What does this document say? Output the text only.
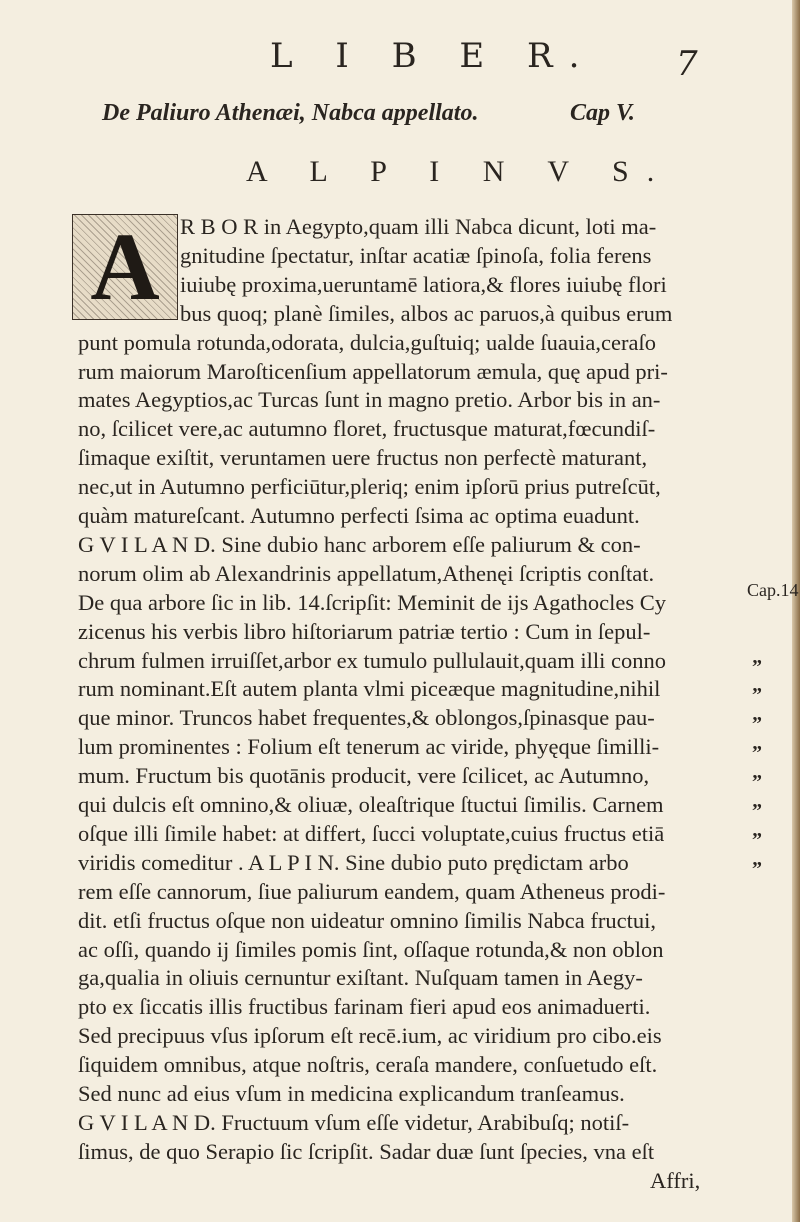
L I B E R. 7
De Paliuro Athenæi, Nabca appellato.	Cap V.
A L P I N V S.
A R B O R in Aegypto,quam illi Nabca dicunt, loti ma-
gnitudine ſpectatur, inſtar acatiæ ſpinoſa, folia ferens
iuiubę proxima,ueruntamē latiora,& flores iuiubę flori
bus quoq; planè ſimiles, albos ac paruos,à quibus erum
punt pomula rotunda,odorata, dulcia,guſtuiq; ualde ſuauia,ceraſo
rum maiorum Maroſticenſium appellatorum æmula, quę apud pri-
mates Aegyptios,ac Turcas ſunt in magno pretio. Arbor bis in an-
no, ſcilicet vere,ac autumno floret, fructusque maturat,fœcundiſ-
ſimaque exiſtit, veruntamen uere fructus non perfectè maturant,
nec,ut in Autumno perficiūtur,pleriq; enim ipſorū prius putreſcūt,
quàm matureſcant. Autumno perfecti ſsima ac optima euadunt.
G V I L A N D. Sine dubio hanc arborem eſſe paliurum & con-
norum olim ab Alexandrinis appellatum,Athenęi ſcriptis conſtat.
De qua arbore ſic in lib. 14.ſcripſit: Meminit de ijs Agathocles Cy
zicenus his verbis libro hiſtoriarum patriæ tertio : Cum in ſepul-
chrum fulmen irruiſſet,arbor ex tumulo pullulauit,quam illi conno
rum nominant.Eſt autem planta vlmi piceæque magnitudine,nihil
que minor. Truncos habet frequentes,& oblongos,ſpinasque pau-
lum prominentes : Folium eſt tenerum ac viride, phyęque ſimilli-
mum. Fructum bis quotānis producit, vere ſcilicet, ac Autumno,
qui dulcis eſt omnino,& oliuæ, oleaſtrique ſtuctui ſimilis. Carnem
oſque illi ſimile habet: at differt, ſucci voluptate,cuius fructus etiā
viridis comeditur . A L P I N. Sine dubio puto prędictam arbo
rem eſſe cannorum, ſiue paliurum eandem, quam Atheneus prodi-
dit. etſi fructus oſque non uideatur omnino ſimilis Nabca fructui,
ac oſſi, quando ij ſimiles pomis ſint, oſſaque rotunda,& non oblon
ga,qualia in oliuis cernuntur exiſtant. Nuſquam tamen in Aegy-
pto ex ſiccatis illis fructibus farinam fieri apud eos animaduerti.
Sed precipuus vſus ipſorum eſt recē.ium, ac viridium pro cibo.eis
ſiquidem omnibus, atque noſtris, ceraſa mandere, conſuetudo eſt.
Sed nunc ad eius vſum in medicina explicandum tranſeamus.
G V I L A N D. Fructuum vſum eſſe videtur, Arabibuſq; notiſ-
ſimus, de quo Serapio ſic ſcripſit. Sadar duæ ſunt ſpecies, vna eſt
Cap.14
”
”
”
”
”
”
”
”
Affri,
